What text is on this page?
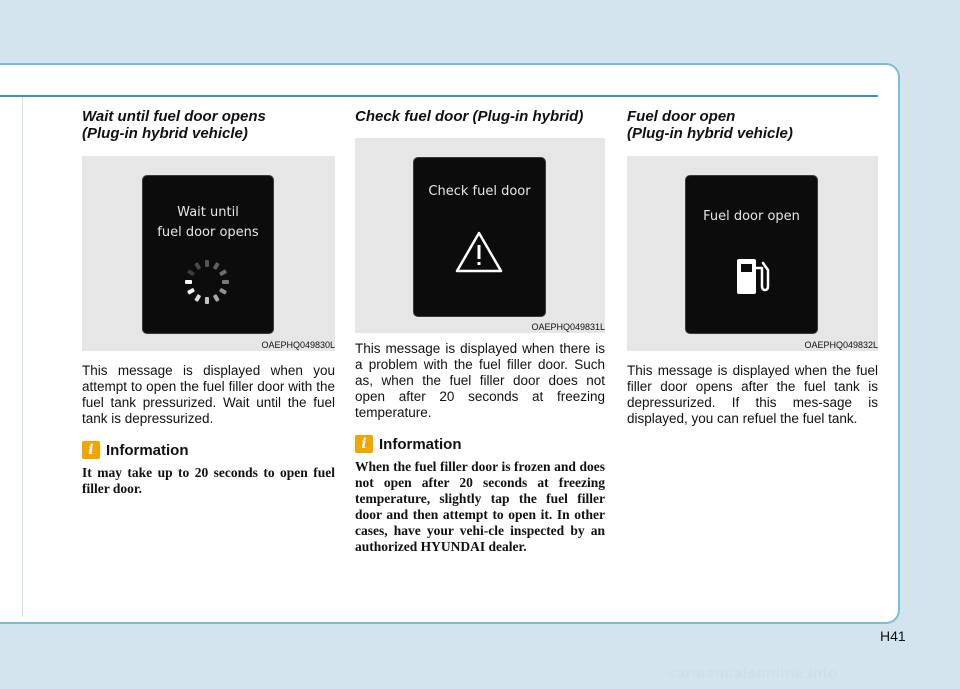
Wait until fuel door opens
(Plug-in hybrid vehicle)
Wait until
fuel door opens
OAEPHQ049830L

This message is displayed when you attempt to open the fuel filler door with the fuel tank pressurized. Wait until the fuel tank is depressurized.

i Information

It may take up to 20 seconds to open fuel filler door.

Check fuel door (Plug-in hybrid)
Check fuel door
OAEPHQ049831L

This message is displayed when there is a problem with the fuel filler door. Such as, when the fuel filler door does not open after 20 seconds at freezing temperature.

i Information

When the fuel filler door is frozen and does not open after 20 seconds at freezing temperature, slightly tap the fuel filler door and then attempt to open it. In other cases, have your vehi-cle inspected by an authorized HYUNDAI dealer.

Fuel door open
(Plug-in hybrid vehicle)
Fuel door open
OAEPHQ049832L

This message is displayed when the fuel filler door opens after the fuel tank is depressurized. If this mes-sage is displayed, you can refuel the fuel tank.

H41
carmanualsonline.info
